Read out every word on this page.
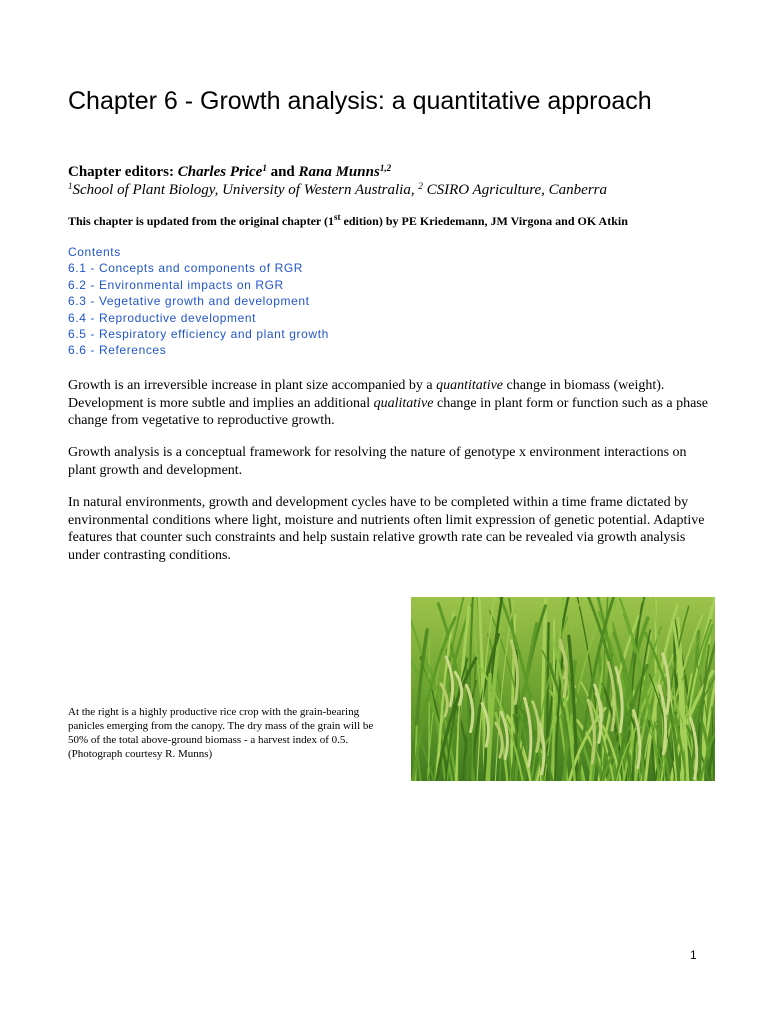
Chapter 6 - Growth analysis: a quantitative approach
Chapter editors: Charles Price$^1$ and Rana Munns$^{1,2}$
$^1$School of Plant Biology, University of Western Australia, $^2$ CSIRO Agriculture, Canberra
This chapter is updated from the original chapter (1st edition) by PE Kriedemann, JM Virgona and OK Atkin
Contents
6.1 - Concepts and components of RGR
6.2 - Environmental impacts on RGR
6.3 - Vegetative growth and development
6.4 - Reproductive development
6.5 - Respiratory efficiency and plant growth
6.6 - References

Growth is an irreversible increase in plant size accompanied by a quantitative change in biomass (weight). Development is more subtle and implies an additional qualitative change in plant form or function such as a phase change from vegetative to reproductive growth.

Growth analysis is a conceptual framework for resolving the nature of genotype x environment interactions on plant growth and development.

In natural environments, growth and development cycles have to be completed within a time frame dictated by environmental conditions where light, moisture and nutrients often limit expression of genetic potential. Adaptive features that counter such constraints and help sustain relative growth rate can be revealed via growth analysis under contrasting conditions.

At the right is a highly productive rice crop with the grain-bearing panicles emerging from the canopy. The dry mass of the grain will be 50% of the total above-ground biomass - a harvest index of 0.5. (Photograph courtesy R. Munns)
1
